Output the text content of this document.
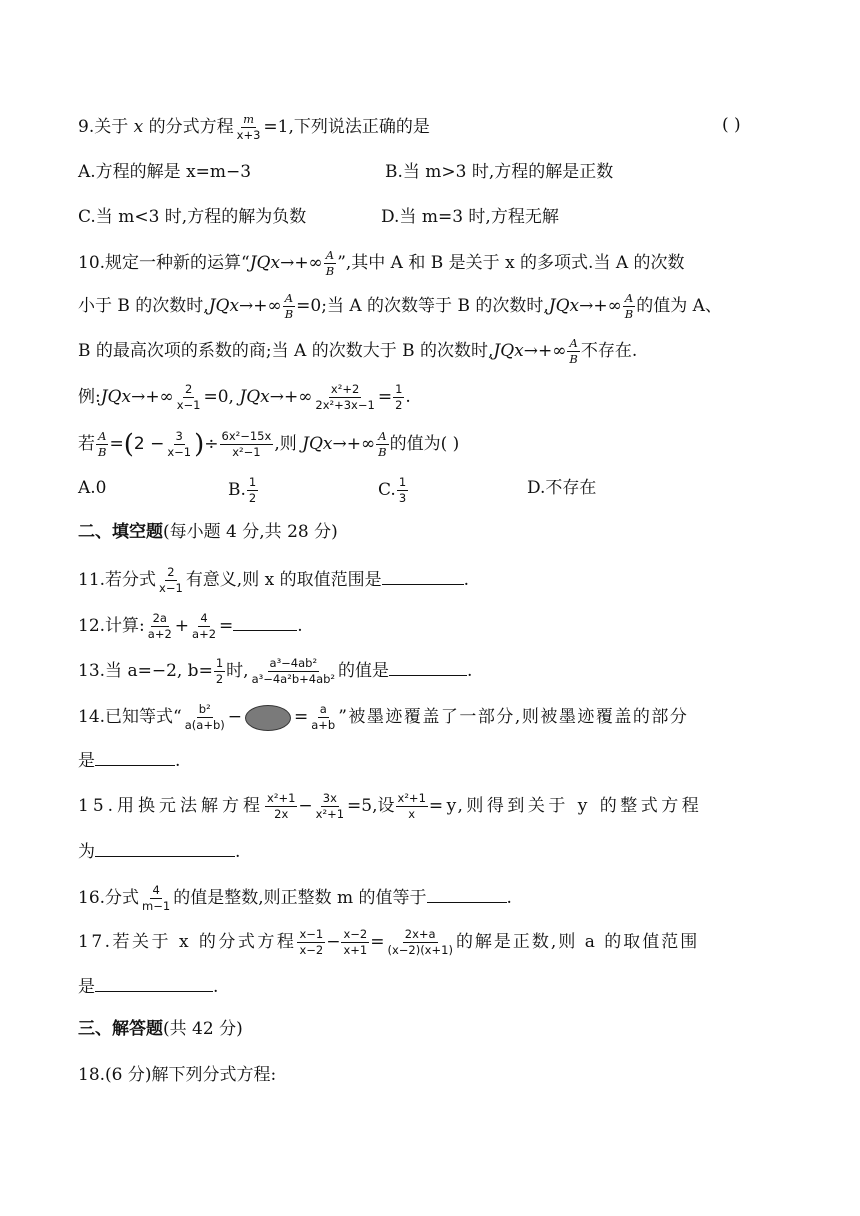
9.关于 x 的分式方程 $\frac{m}{x+3} =1$,下列说法正确的是	( )
A.方程的解是 x=m−3	B.当 m>3 时,方程的解是正数
C.当 m<3 时,方程的解为负数	D.当 m=3 时,方程无解
10.规定一种新的运算“$JQx\to+\infty \frac{A}{B}$ ”,其中 A 和 B 是关于 x 的多项式.当 A 的次数
小于 B 的次数时$,JQx\to+\infty \frac{A}{B} =0$;当 A 的次数等于 B 的次数时$,JQx\to+\infty \frac{A}{B}$ 的值为 A、
B 的最高次项的系数的商;当 A 的次数大于 B 的次数时$,JQx\to+\infty \frac{A}{B}$ 不存在.
例:JQx→+∞ $\frac{2}{x-1} =0$, $JQx\to+\infty \frac{\text{x²+2}}{\text{2x²+3x−1}} = \frac{1}{2}$ .
若 $\frac{A}{B} =(2 - \frac{3}{x-1}$ )÷ $\frac{\text{6x²−15x}}{\text{x²−1}}$ ,则 $JQx\to+\infty \frac{A}{B}$ 的值为( )
A.0	B. $\frac{1}{2}$	C. $\frac{1}{3}$	D.不存在
二、填空题(每小题 4 分,共 28 分)
11.若分式 $\frac{2}{x-1}$ 有意义,则 x 的取值范围是	.
12.计算: $\frac{2a}{a+2} + \frac{4}{a+2}$ =	.
13.当 a=−2, $b= \frac{1}{2}$ 时, $\frac{\text{a³−4ab²}}{\text{a³−4a²b+4ab²}}$ 的值是	.
14.已知等式“ $\frac{\text{b²}}{a(a+b)}$ −	= $\frac{a}{a+b}$ ”被墨迹覆盖了一部分,则被墨迹覆盖的部分
是	.
15.用换元法解方程 $\frac{\text{x²+1}}{2x} - \frac{3x}{\text{x²+1}} =5$,设 $\frac{\text{x²+1}}{x} =y$,则得到关于 y 的整式方程
为	.
16.分式 $\frac{4}{m-1}$ 的值是整数,则正整数 m 的值等于	.
17.若关于 x 的分式方程 $\frac{x-1}{x-2} - \frac{x-2}{x+1} = \frac{2x+a}{(x-2)(x+1)}$ 的解是正数,则 a 的取值范围
是	.
三、解答题(共 42 分)
18.(6 分)解下列分式方程:
